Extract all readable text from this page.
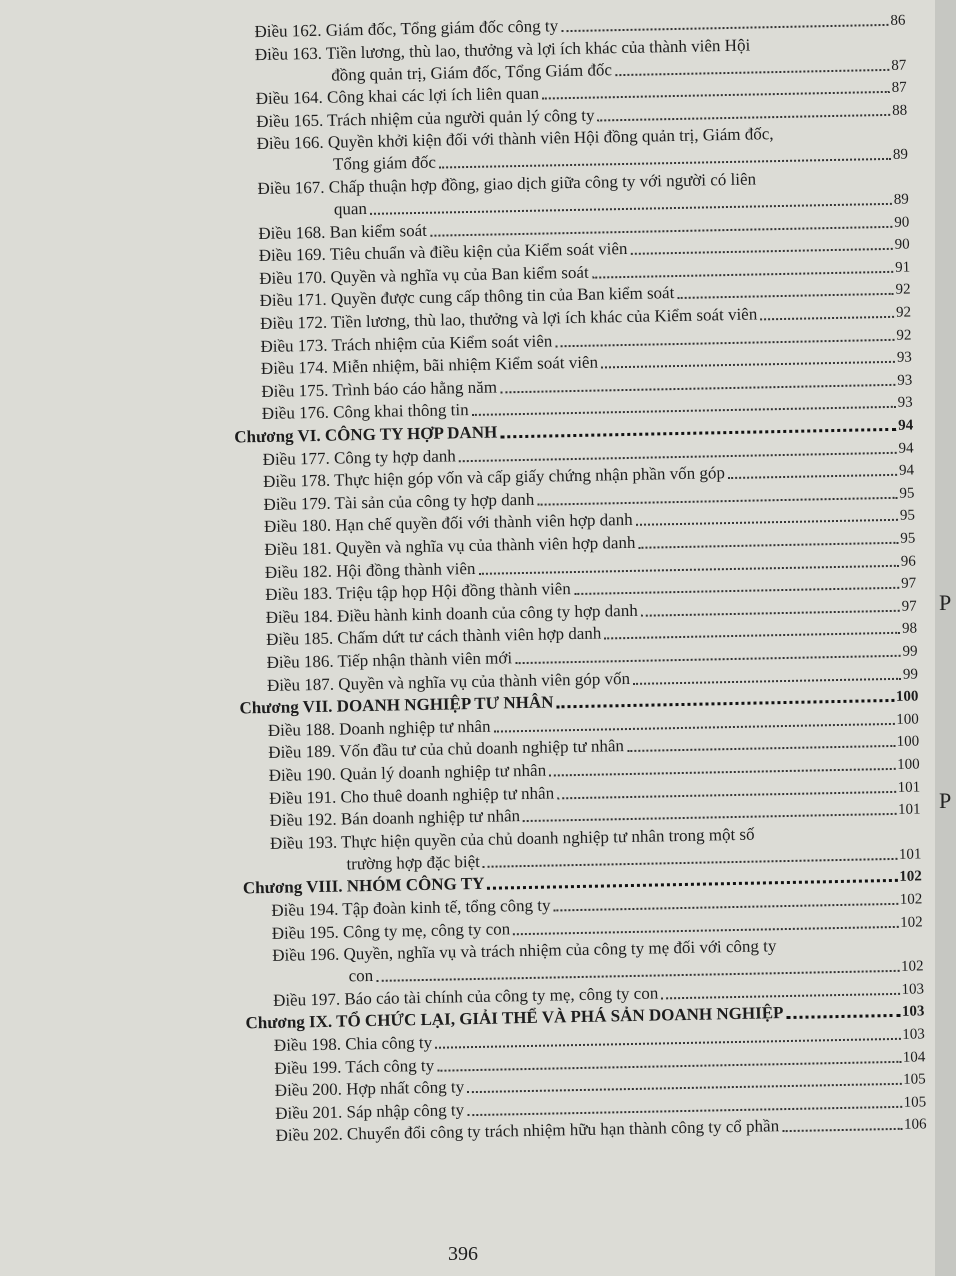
Điều 162. Giám đốc, Tổng giám đốc công ty	86
Điều 163. Tiền lương, thù lao, thưởng và lợi ích khác của thành viên Hội
đồng quản trị, Giám đốc, Tổng Giám đốc	87
Điều 164. Công khai các lợi ích liên quan	87
Điều 165. Trách nhiệm của người quản lý công ty	88
Điều 166. Quyền khởi kiện đối với thành viên Hội đồng quản trị, Giám đốc,
Tổng giám đốc	89
Điều 167. Chấp thuận hợp đồng, giao dịch giữa công ty với người có liên
quan	89
Điều 168. Ban kiểm soát	90
Điều 169. Tiêu chuẩn và điều kiện của Kiểm soát viên	90
Điều 170. Quyền và nghĩa vụ của Ban kiểm soát	91
Điều 171. Quyền được cung cấp thông tin của Ban kiểm soát	92
Điều 172. Tiền lương, thù lao, thưởng và lợi ích khác của Kiểm soát viên	92
Điều 173. Trách nhiệm của Kiểm soát viên	92
Điều 174. Miễn nhiệm, bãi nhiệm Kiểm soát viên	93
Điều 175. Trình báo cáo hằng năm	93
Điều 176. Công khai thông tin	93
Chương VI. CÔNG TY HỢP DANH	94
Điều 177. Công ty hợp danh	94
Điều 178. Thực hiện góp vốn và cấp giấy chứng nhận phần vốn góp	94
Điều 179. Tài sản của công ty hợp danh	95
Điều 180. Hạn chế quyền đối với thành viên hợp danh	95
Điều 181. Quyền và nghĩa vụ của thành viên hợp danh	95
Điều 182. Hội đồng thành viên	96
Điều 183. Triệu tập họp Hội đồng thành viên	97
Điều 184. Điều hành kinh doanh của công ty hợp danh	97
Điều 185. Chấm dứt tư cách thành viên hợp danh	98
Điều 186. Tiếp nhận thành viên mới	99
Điều 187. Quyền và nghĩa vụ của thành viên góp vốn	99
Chương VII. DOANH NGHIỆP TƯ NHÂN	100
Điều 188. Doanh nghiệp tư nhân	100
Điều 189. Vốn đầu tư của chủ doanh nghiệp tư nhân	100
Điều 190. Quản lý doanh nghiệp tư nhân	100
Điều 191. Cho thuê doanh nghiệp tư nhân	101
Điều 192. Bán doanh nghiệp tư nhân	101
Điều 193. Thực hiện quyền của chủ doanh nghiệp tư nhân trong một số
trường hợp đặc biệt	101
Chương VIII. NHÓM CÔNG TY	102
Điều 194. Tập đoàn kinh tế, tổng công ty	102
Điều 195. Công ty mẹ, công ty con	102
Điều 196. Quyền, nghĩa vụ và trách nhiệm của công ty mẹ đối với công ty
con	102
Điều 197. Báo cáo tài chính của công ty mẹ, công ty con	103
Chương IX. TỔ CHỨC LẠI, GIẢI THỂ VÀ PHÁ SẢN DOANH NGHIỆP	103
Điều 198. Chia công ty	103
Điều 199. Tách công ty	104
Điều 200. Hợp nhất công ty	105
Điều 201. Sáp nhập công ty	105
Điều 202. Chuyển đổi công ty trách nhiệm hữu hạn thành công ty cổ phần	106
396
P
P
